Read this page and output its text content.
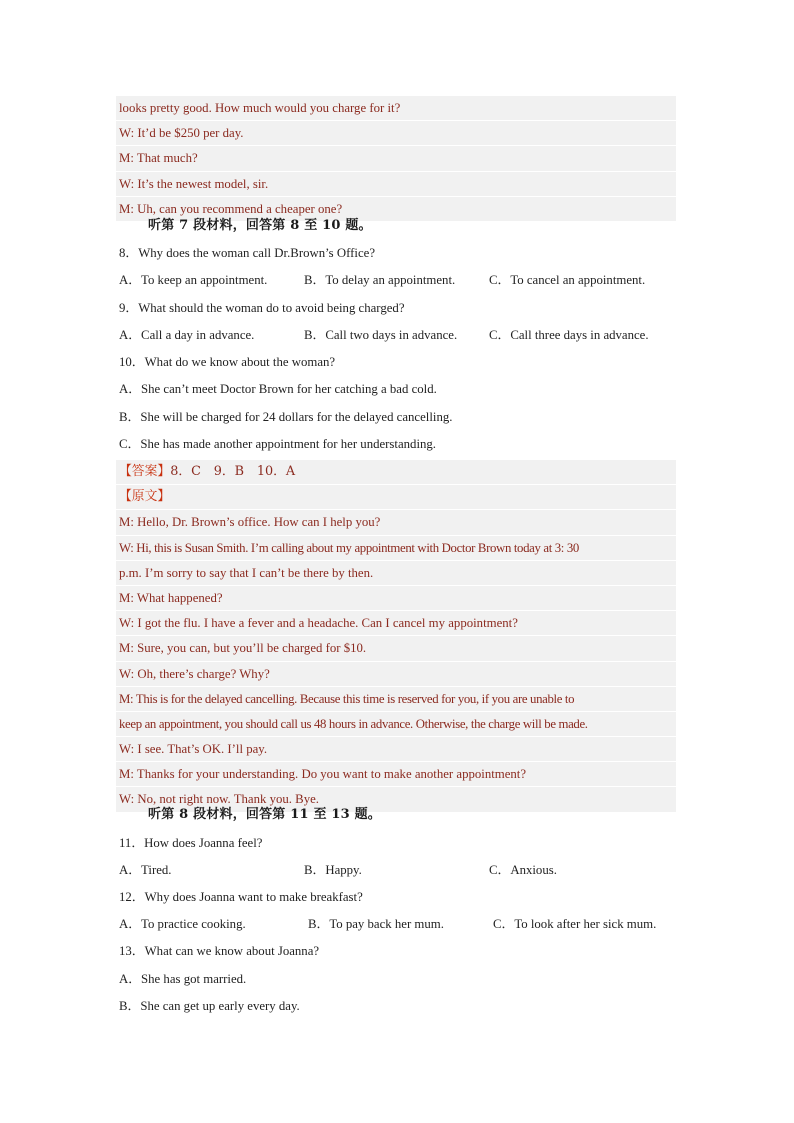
looks pretty good. How much would you charge for it?
W: It’d be $250 per day.
M: That much?
W: It’s the newest model, sir.
M: Uh, can you recommend a cheaper one?
听第 7 段材料，回答第 8 至 10 题。
8．Why does the woman call Dr.Brown’s Office?
A．To keep an appointment.	B．To delay an appointment.	C．To cancel an appointment.
9．What should the woman do to avoid being charged?
A．Call a day in advance.	B．Call two days in advance. C．Call three days in advance.
10．What do we know about the woman?
A．She can’t meet Doctor Brown for her catching a bad cold.
B．She will be charged for 24 dollars for the delayed cancelling.
C．She has made another appointment for her understanding.
【答案】8．C　9．B　10．A
【原文】
M: Hello, Dr. Brown’s office. How can I help you?
W: Hi, this is Susan Smith. I’m calling about my appointment with Doctor Brown today at 3: 30
p.m. I’m sorry to say that I can’t be there by then.
M: What happened?
W: I got the flu. I have a fever and a headache. Can I cancel my appointment?
M: Sure, you can, but you’ll be charged for $10.
W: Oh, there’s charge? Why?
M: This is for the delayed cancelling. Because this time is reserved for you, if you are unable to
keep an appointment, you should call us 48 hours in advance. Otherwise, the charge will be made.
W: I see. That’s OK. I’ll pay.
M: Thanks for your understanding. Do you want to make another appointment?
W: No, not right now. Thank you. Bye.
听第 8 段材料，回答第 11 至 13 题。
11．How does Joanna feel?
A．Tired.	B．Happy.	C．Anxious.
12．Why does Joanna want to make breakfast?
A．To practice cooking.	B．To pay back her mum.	C．To look after her sick mum.
13．What can we know about Joanna?
A．She has got married.
B．She can get up early every day.
